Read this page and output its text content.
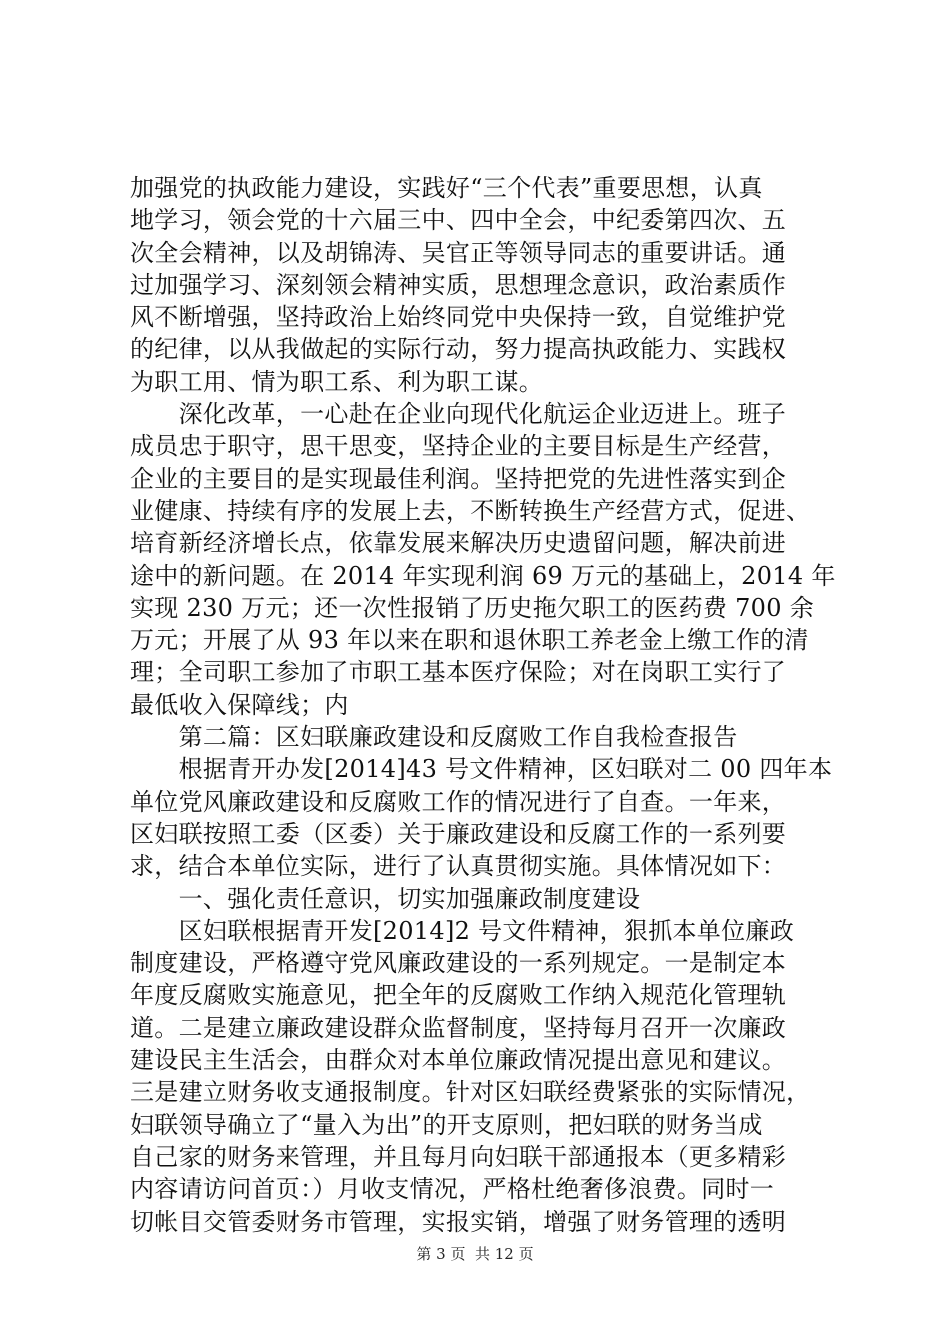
加强党的执政能力建设，实践好“三个代表”重要思想，认真
地学习，领会党的十六届三中、四中全会，中纪委第四次、五
次全会精神，以及胡锦涛、吴官正等领导同志的重要讲话。通
过加强学习、深刻领会精神实质，思想理念意识，政治素质作
风不断增强，坚持政治上始终同党中央保持一致，自觉维护党
的纪律，以从我做起的实际行动，努力提高执政能力、实践权
为职工用、情为职工系、利为职工谋。
　　深化改革，一心赴在企业向现代化航运企业迈进上。班子
成员忠于职守，思干思变，坚持企业的主要目标是生产经营，
企业的主要目的是实现最佳利润。坚持把党的先进性落实到企
业健康、持续有序的发展上去，不断转换生产经营方式，促进、
培育新经济增长点，依靠发展来解决历史遗留问题，解决前进
途中的新问题。在 2014 年实现利润 69 万元的基础上，2014 年
实现 230 万元；还一次性报销了历史拖欠职工的医药费 700 余
万元；开展了从 93 年以来在职和退休职工养老金上缴工作的清
理；全司职工参加了市职工基本医疗保险；对在岗职工实行了
最低收入保障线；内
　　第二篇：区妇联廉政建设和反腐败工作自我检查报告
　　根据青开办发[2014]43 号文件精神，区妇联对二 00 四年本
单位党风廉政建设和反腐败工作的情况进行了自查。一年来，
区妇联按照工委（区委）关于廉政建设和反腐工作的一系列要
求，结合本单位实际，进行了认真贯彻实施。具体情况如下：
　　一、强化责任意识，切实加强廉政制度建设
　　区妇联根据青开发[2014]2 号文件精神，狠抓本单位廉政
制度建设，严格遵守党风廉政建设的一系列规定。一是制定本
年度反腐败实施意见，把全年的反腐败工作纳入规范化管理轨
道。二是建立廉政建设群众监督制度，坚持每月召开一次廉政
建设民主生活会，由群众对本单位廉政情况提出意见和建议。
三是建立财务收支通报制度。针对区妇联经费紧张的实际情况，
妇联领导确立了“量入为出”的开支原则，把妇联的财务当成
自己家的财务来管理，并且每月向妇联干部通报本（更多精彩
内容请访问首页：）月收支情况，严格杜绝奢侈浪费。同时一
切帐目交管委财务市管理，实报实销，增强了财务管理的透明
第 3 页  共 12 页
